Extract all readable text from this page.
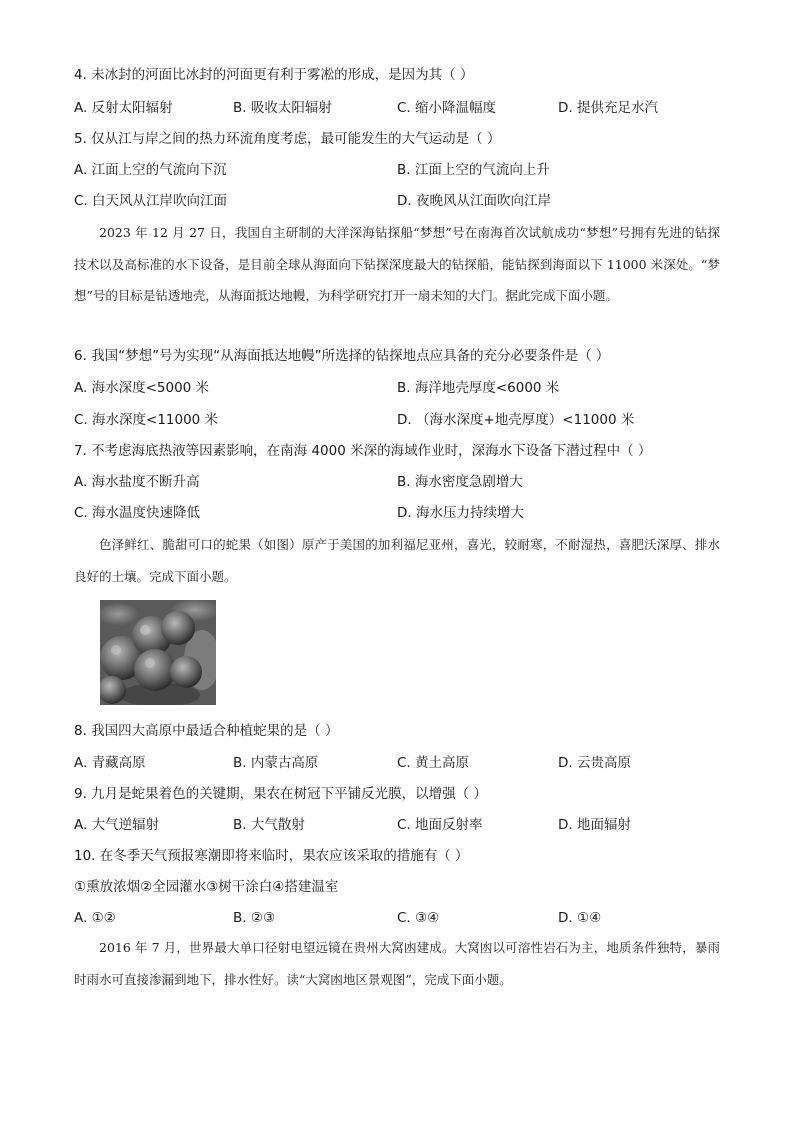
4. 未冰封的河面比冰封的河面更有利于雾凇的形成，是因为其（ ）
A. 反射太阳辐射	B. 吸收太阳辐射	C. 缩小降温幅度	D. 提供充足水汽
5. 仅从江与岸之间的热力环流角度考虑，最可能发生的大气运动是（ ）
A. 江面上空的气流向下沉	B. 江面上空的气流向上升
C. 白天风从江岸吹向江面	D. 夜晚风从江面吹向江岸
2023 年 12 月 27 日，我国自主研制的大洋深海钻探船“梦想”号在南海首次试航成功“梦想”号拥有先进的钻探技术以及高标准的水下设备，是目前全球从海面向下钻探深度最大的钻探船，能钻探到海面以下 11000 米深处。“梦想”号的目标是钻透地壳，从海面抵达地幔，为科学研究打开一扇未知的大门。据此完成下面小题。
6. 我国“梦想”号为实现“从海面抵达地幔”所选择的钻探地点应具备的充分必要条件是（ ）
A. 海水深度<5000 米	B. 海洋地壳厚度<6000 米
C. 海水深度<11000 米	D. （海水深度+地壳厚度）<11000 米
7. 不考虑海底热液等因素影响，在南海 4000 米深的海域作业时，深海水下设备下潜过程中（ ）
A. 海水盐度不断升高	B. 海水密度急剧增大
C. 海水温度快速降低	D. 海水压力持续增大
色泽鲜红、脆甜可口的蛇果（如图）原产于美国的加利福尼亚州，喜光，较耐寒，不耐湿热，喜肥沃深厚、排水良好的土壤。完成下面小题。
8. 我国四大高原中最适合种植蛇果的是（ ）
A. 青藏高原	B. 内蒙古高原	C. 黄土高原	D. 云贵高原
9. 九月是蛇果着色的关键期，果农在树冠下平铺反光膜，以增强（ ）
A. 大气逆辐射	B. 大气散射	C. 地面反射率	D. 地面辐射
10. 在冬季天气预报寒潮即将来临时，果农应该采取的措施有（ ）
①熏放浓烟②全园灌水③树干涂白④搭建温室
A. ①②	B. ②③	C. ③④	D. ①④
2016 年 7 月，世界最大单口径射电望远镜在贵州大窝凼建成。大窝凼以可溶性岩石为主，地质条件独特，暴雨时雨水可直接渗漏到地下，排水性好。读“大窝凼地区景观图”，完成下面小题。
